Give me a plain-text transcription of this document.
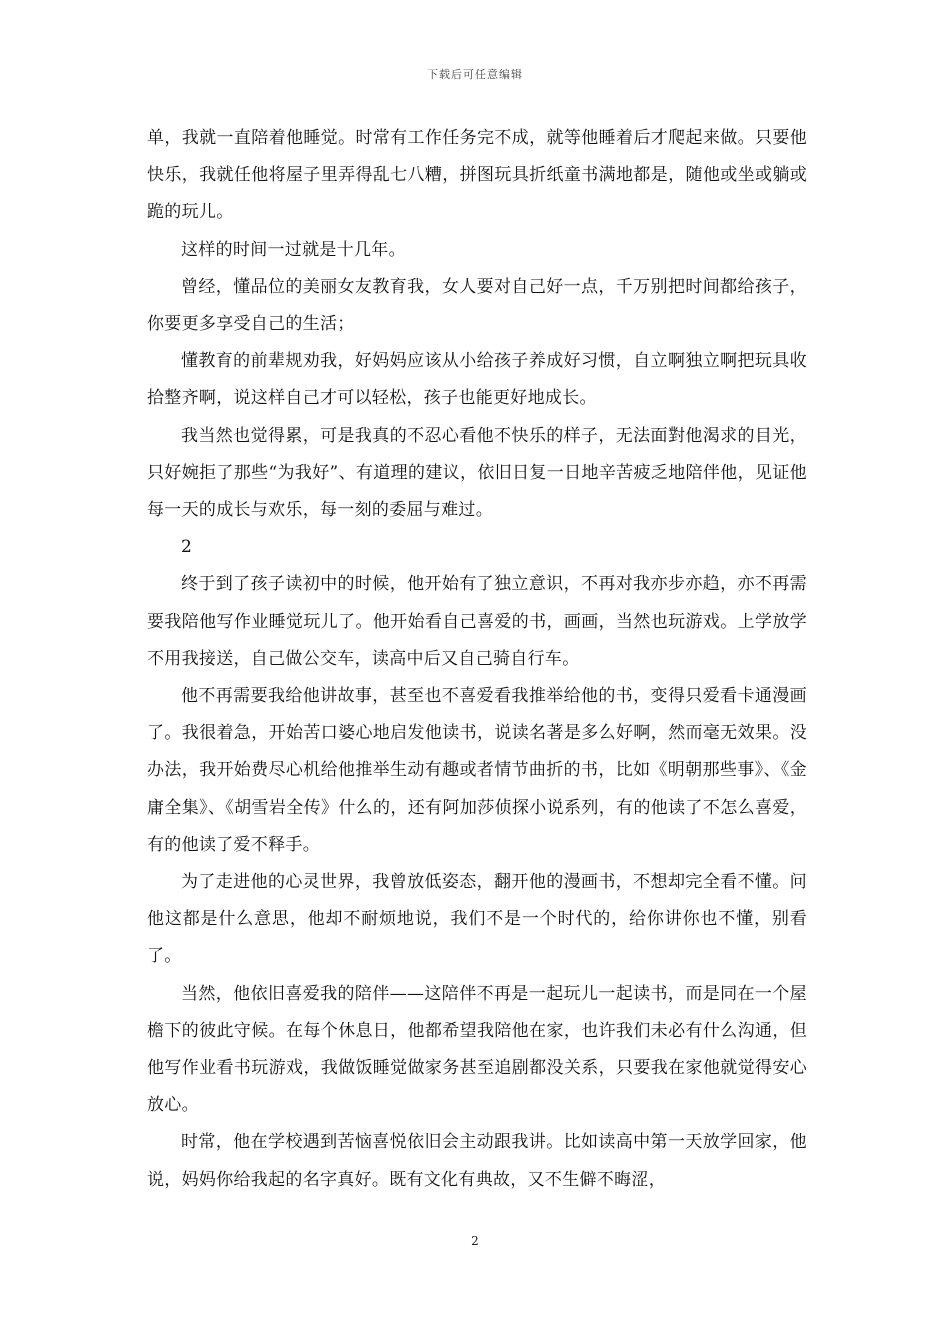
下载后可任意编辑

单，我就一直陪着他睡觉。时常有工作任务完不成，就等他睡着后才爬起来做。只要他快乐，我就任他将屋子里弄得乱七八糟，拼图玩具折纸童书满地都是，随他或坐或躺或跪的玩儿。

这样的时间一过就是十几年。

曾经，懂品位的美丽女友教育我，女人要对自己好一点，千万别把时间都给孩子，你要更多享受自己的生活；

懂教育的前辈规劝我，好妈妈应该从小给孩子养成好习惯，自立啊独立啊把玩具收拾整齐啊，说这样自己才可以轻松，孩子也能更好地成长。

我当然也觉得累，可是我真的不忍心看他不快乐的样子，无法面對他渴求的目光，只好婉拒了那些“为我好”、有道理的建议，依旧日复一日地辛苦疲乏地陪伴他，见证他每一天的成长与欢乐，每一刻的委屈与难过。

2

终于到了孩子读初中的时候，他开始有了独立意识，不再对我亦步亦趋，亦不再需要我陪他写作业睡觉玩儿了。他开始看自己喜爱的书，画画，当然也玩游戏。上学放学不用我接送，自己做公交车，读高中后又自己骑自行车。

他不再需要我给他讲故事，甚至也不喜爱看我推举给他的书，变得只爱看卡通漫画了。我很着急，开始苦口婆心地启发他读书，说读名著是多么好啊，然而毫无效果。没办法，我开始费尽心机给他推举生动有趣或者情节曲折的书，比如《明朝那些事》、《金庸全集》、《胡雪岩全传》什么的，还有阿加莎侦探小说系列，有的他读了不怎么喜爱，有的他读了爱不释手。

为了走进他的心灵世界，我曾放低姿态，翻开他的漫画书，不想却完全看不懂。问他这都是什么意思，他却不耐烦地说，我们不是一个时代的，给你讲你也不懂，别看了。

当然，他依旧喜爱我的陪伴——这陪伴不再是一起玩儿一起读书，而是同在一个屋檐下的彼此守候。在每个休息日，他都希望我陪他在家，也许我们未必有什么沟通，但他写作业看书玩游戏，我做饭睡觉做家务甚至追剧都没关系，只要我在家他就觉得安心放心。

时常，他在学校遇到苦恼喜悦依旧会主动跟我讲。比如读高中第一天放学回家，他说，妈妈你给我起的名字真好。既有文化有典故，又不生僻不晦涩，

2
